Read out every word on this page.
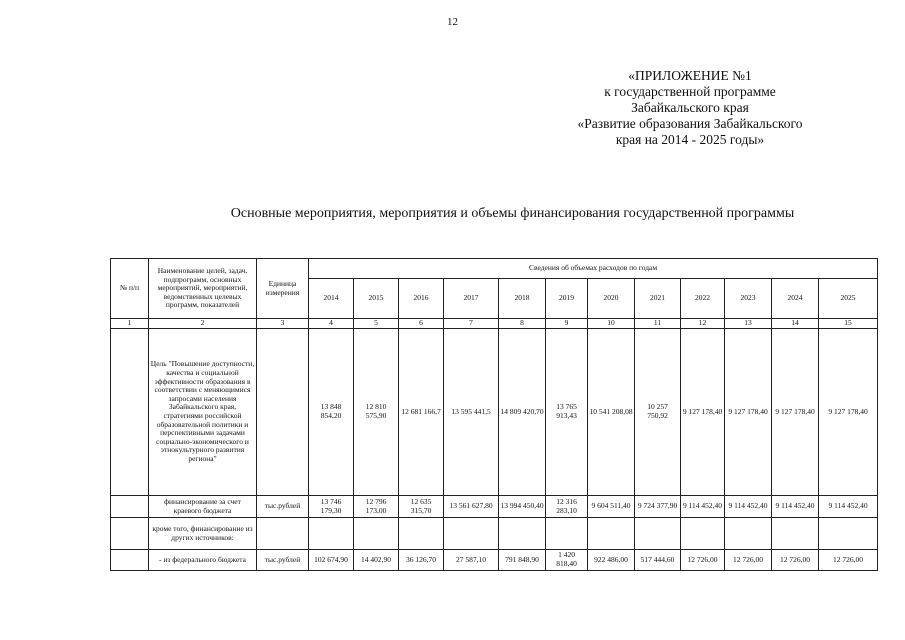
12
«ПРИЛОЖЕНИЕ №1
к государственной программе
Забайкальского края
«Развитие образования Забайкальского
края на 2014 - 2025 годы»
Основные мероприятия, мероприятия и объемы финансирования государственной программы
№ п/п	Наименование целей, задач, подпрограмм, основных мероприятий, мероприятий, ведомственных целевых программ, показателей	Единица измерения	Сведения об объемах расходов по годам											
			2014	2015	2016	2017	2018	2019	2020	2021	2022	2023	2024	2025
1	2	3	4	5	6	7	8	9	10	11	12	13	14	15
	Цель "Повышение доступности, качества и социальной эффективности образования в соответствии с меняющимися запросами населения Забайкальского края, стратегиями российской образовательной политики и перспективными задачами социально-экономического и этнокультурного развития региона"		13 848 854,20	12 810 575,90	12 681 166,7	13 595 441,5	14 809 420,70	13 765 913,43	10 541 208,08	10 257 750,92	9 127 178,40	9 127 178,40	9 127 178,40	9 127 178,40
	финансирование за счет краевого бюджета	тыс.рублей	13 746 179,30	12 796 173,00	12 635 315,70	13 561 627,80	13 994 450,40	12 316 283,10	9 604 511,40	9 724 377,90	9 114 452,40	9 114 452,40	9 114 452,40	9 114 452,40
	кроме того, финансирование из других источников:													
	- из федерального бюджета	тыс.рублей	102 674,90	14 402,90	36 126,70	27 587,10	791 848,90	1 420 818,40	922 486,00	517 444,60	12 726,00	12 726,00	12 726,00	12 726,00
